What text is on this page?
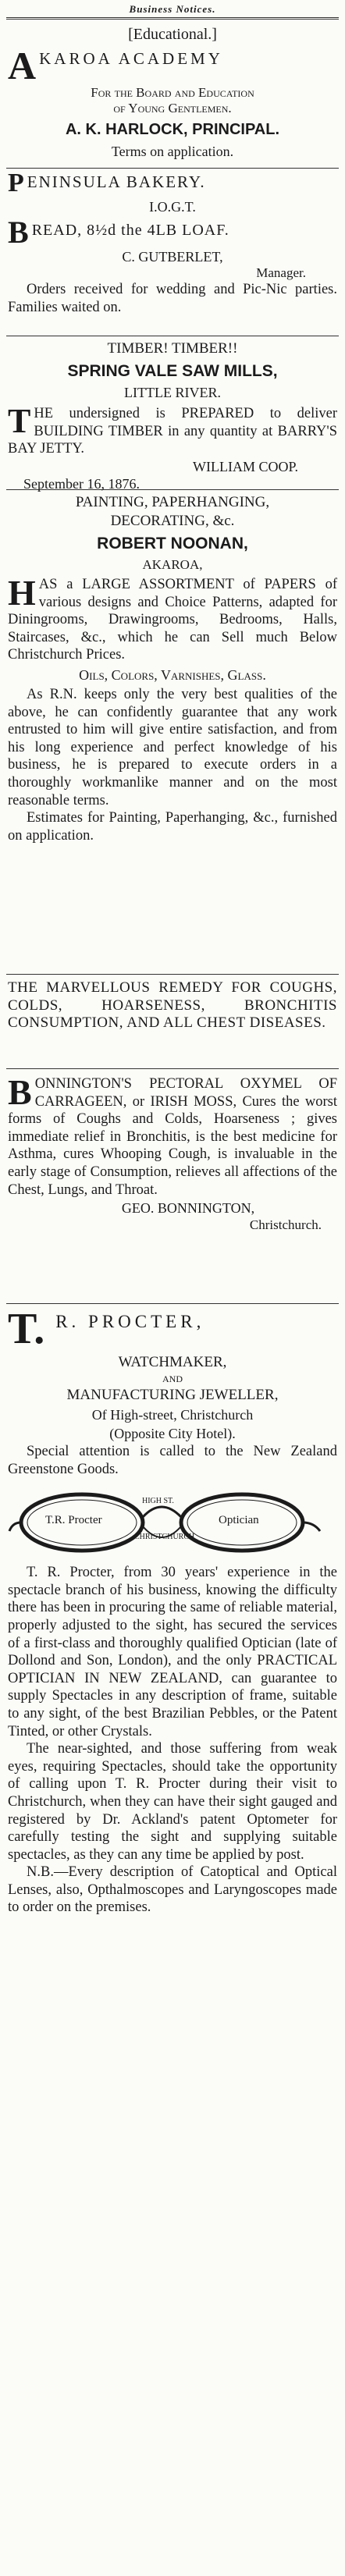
Business Notices.

[Educational.]

A KAROA ACADEMY

For the Board and Education

of Young Gentlemen.

A. K. HARLOCK, PRINCIPAL.

Terms on application.

P ENINSULA BAKERY.

I.O.G.T.

B READ, 8½d the 4LB LOAF.

C. GUTBERLET,

Manager.

Orders received for wedding and Pic-Nic parties. Families waited on.

TIMBER! TIMBER!!

SPRING VALE SAW MILLS,

LITTLE RIVER.

T HE undersigned is PREPARED to deliver BUILDING TIMBER in any quantity at BARRY'S BAY JETTY.

WILLIAM COOP.

September 16, 1876.

PAINTING, PAPERHANGING,

DECORATING, &c.

ROBERT NOONAN,

AKAROA,

H AS a LARGE ASSORTMENT of PAPERS of various designs and Choice Patterns, adapted for Diningrooms, Drawingrooms, Bedrooms, Halls, Staircases, &c., which he can Sell much Below Christchurch Prices.

Oils, Colors, Varnishes, Glass.

As R.N. keeps only the very best qualities of the above, he can confidently guarantee that any work entrusted to him will give entire satisfaction, and from his long experience and perfect knowledge of his business, he is prepared to execute orders in a thoroughly workmanlike manner and on the most reasonable terms.

Estimates for Painting, Paperhanging, &c., furnished on application.

THE MARVELLOUS REMEDY FOR COUGHS, COLDS, HOARSENESS, BRONCHITIS CONSUMPTION, AND ALL CHEST DISEASES.

B ONNINGTON'S PECTORAL OXYMEL OF CARRAGEEN, or IRISH MOSS, Cures the worst forms of Coughs and Colds, Hoarseness ; gives immediate relief in Bronchitis, is the best medicine for Asthma, cures Whooping Cough, is invaluable in the early stage of Consumption, relieves all affections of the Chest, Lungs, and Throat.

GEO. BONNINGTON,

Christchurch.

T. R. PROCTER,

WATCHMAKER,

AND

MANUFACTURING JEWELLER,

Of High-street, Christchurch

(Opposite City Hotel).

Special attention is called to the New Zealand Greenstone Goods.

T.R. Procter	Optician
HIGH ST.
CHRISTCHURCH

T. R. Procter, from 30 years' experience in the spectacle branch of his business, knowing the difficulty there has been in procuring the same of reliable material, properly adjusted to the sight, has secured the services of a first-class and thoroughly qualified Optician (late of Dollond and Son, London), and the only PRACTICAL OPTICIAN IN NEW ZEALAND, can guarantee to supply Spectacles in any description of frame, suitable to any sight, of the best Brazilian Pebbles, or the Patent Tinted, or other Crystals.

The near-sighted, and those suffering from weak eyes, requiring Spectacles, should take the opportunity of calling upon T. R. Procter during their visit to Christchurch, when they can have their sight gauged and registered by Dr. Ackland's patent Optometer for carefully testing the sight and supplying suitable spectacles, as they can any time be applied by post.

N.B.—Every description of Catoptical and Optical Lenses, also, Opthalmoscopes and Laryngoscopes made to order on the premises.
